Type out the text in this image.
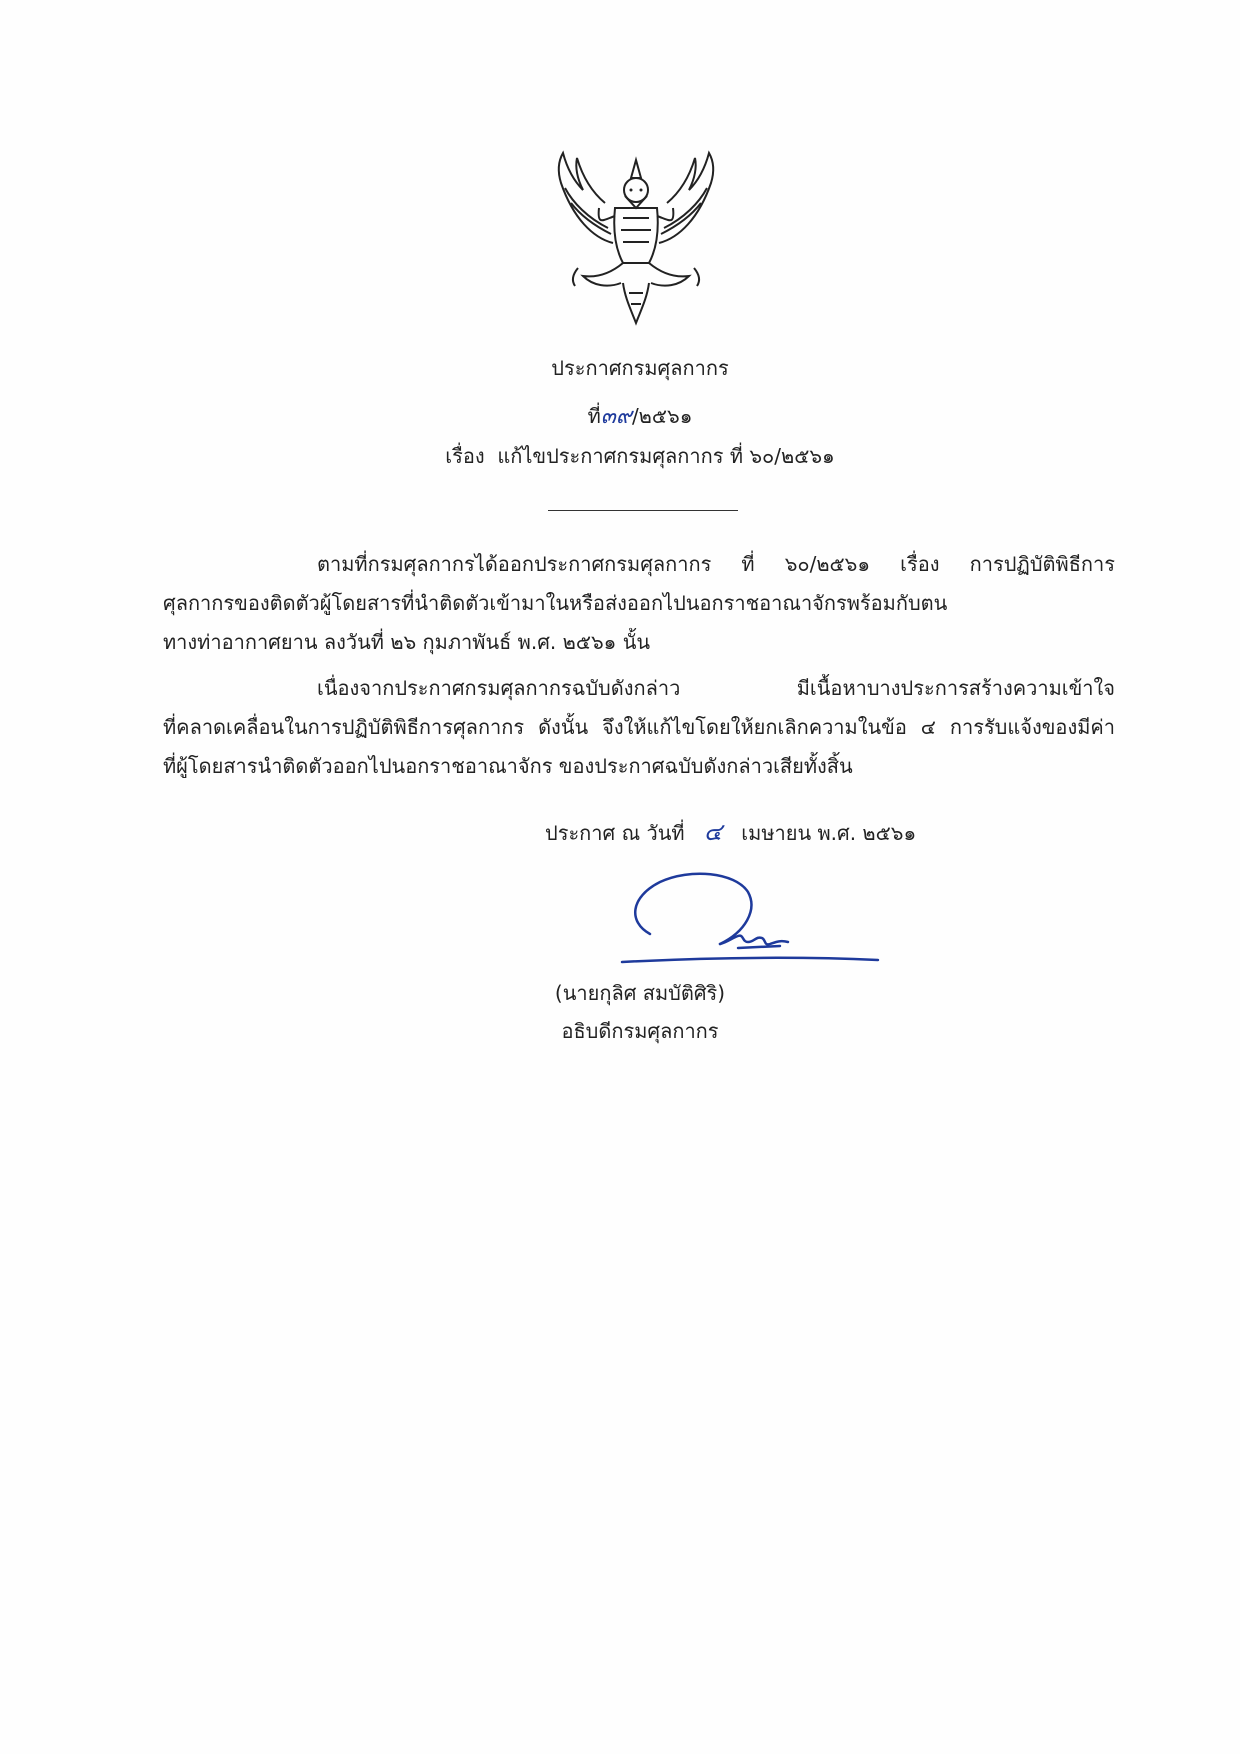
ประกาศกรมศุลกากร
ที่๓๙/๒๕๖๑
เรื่อง แก้ไขประกาศกรมศุลกากร ที่ ๖๐/๒๕๖๑
ตามที่กรมศุลกากรได้ออกประกาศกรมศุลกากร ที่ ๖๐/๒๕๖๑ เรื่อง การปฏิบัติพิธีการ
ศุลกากรของติดตัวผู้โดยสารที่นำติดตัวเข้ามาในหรือส่งออกไปนอกราชอาณาจักรพร้อมกับตน
ทางท่าอากาศยาน ลงวันที่ ๒๖ กุมภาพันธ์ พ.ศ. ๒๕๖๑ นั้น
เนื่องจากประกาศกรมศุลกากรฉบับดังกล่าว มีเนื้อหาบางประการสร้างความเข้าใจ
ที่คลาดเคลื่อนในการปฏิบัติพิธีการศุลกากร ดังนั้น จึงให้แก้ไขโดยให้ยกเลิกความในข้อ ๔ การรับแจ้งของมีค่า
ที่ผู้โดยสารนำติดตัวออกไปนอกราชอาณาจักร ของประกาศฉบับดังกล่าวเสียทั้งสิ้น
ประกาศ ณ วันที่ ๔ เมษายน พ.ศ. ๒๕๖๑
(นายกุลิศ สมบัติศิริ)
อธิบดีกรมศุลกากร
